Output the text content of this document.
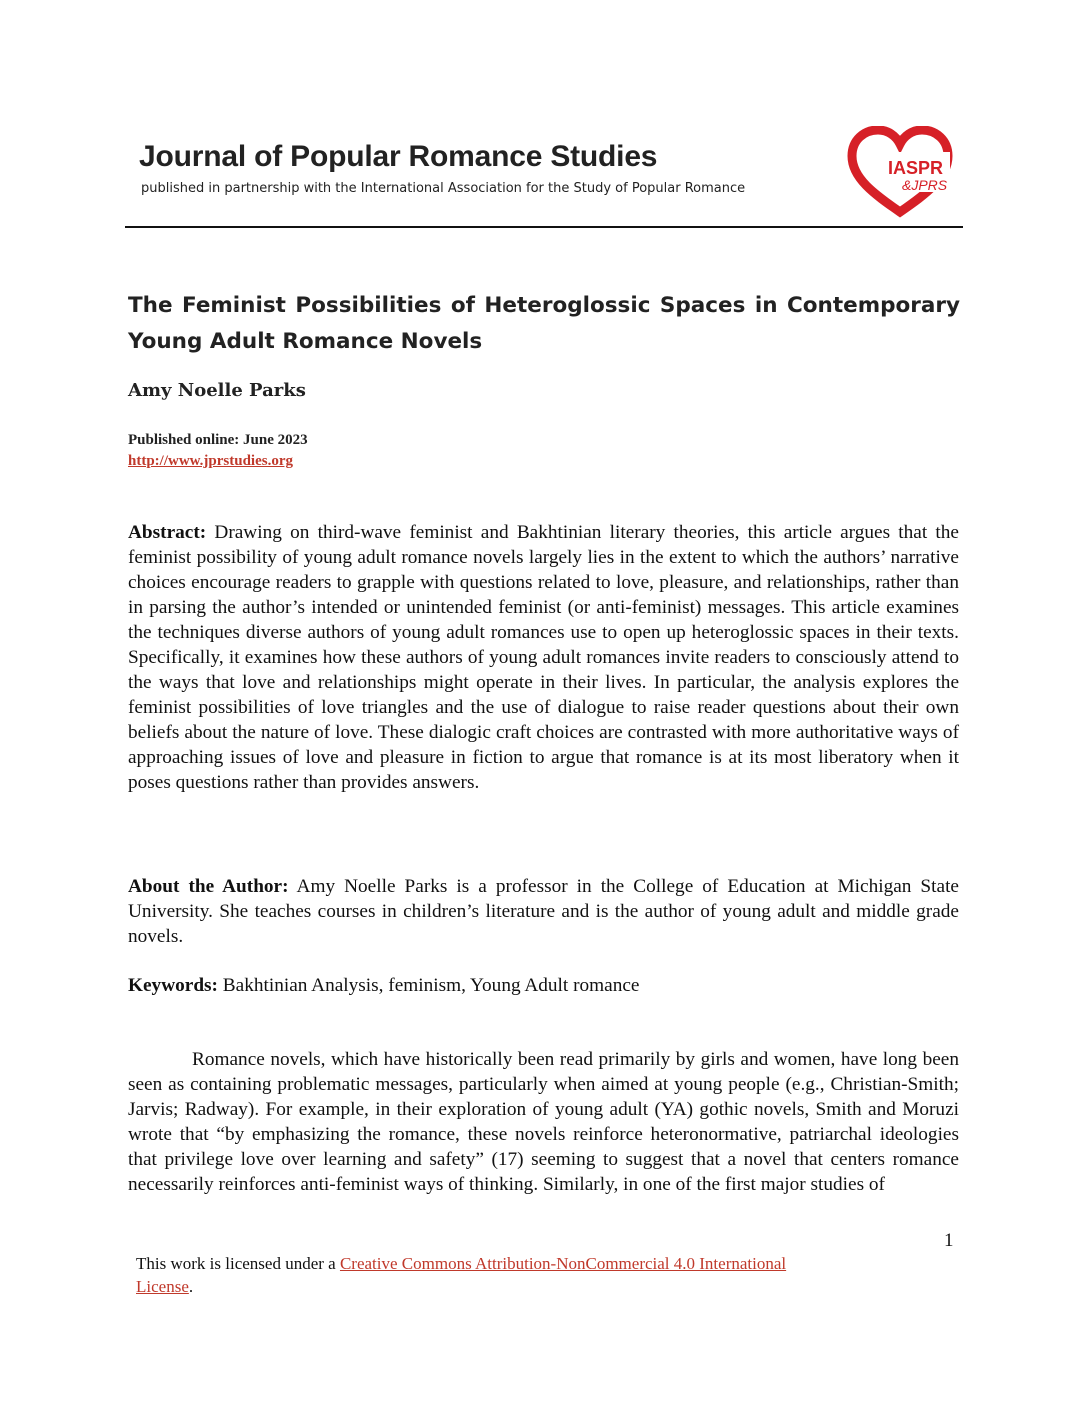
Journal of Popular Romance Studies
published in partnership with the International Association for the Study of Popular Romance
IASPR
&JPRS
The Feminist Possibilities of Heteroglossic Spaces in Contemporary Young Adult Romance Novels
Amy Noelle Parks
Published online: June 2023
http://www.jprstudies.org
Abstract: Drawing on third-wave feminist and Bakhtinian literary theories, this article argues that the feminist possibility of young adult romance novels largely lies in the extent to which the authors’ narrative choices encourage readers to grapple with questions related to love, pleasure, and relationships, rather than in parsing the author’s intended or unintended feminist (or anti-feminist) messages. This article examines the techniques diverse authors of young adult romances use to open up heteroglossic spaces in their texts. Specifically, it examines how these authors of young adult romances invite readers to consciously attend to the ways that love and relationships might operate in their lives. In particular, the analysis explores the feminist possibilities of love triangles and the use of dialogue to raise reader questions about their own beliefs about the nature of love. These dialogic craft choices are contrasted with more authoritative ways of approaching issues of love and pleasure in fiction to argue that romance is at its most liberatory when it poses questions rather than provides answers.
About the Author: Amy Noelle Parks is a professor in the College of Education at Michigan State University. She teaches courses in children’s literature and is the author of young adult and middle grade novels.
Keywords: Bakhtinian Analysis, feminism, Young Adult romance
Romance novels, which have historically been read primarily by girls and women, have long been seen as containing problematic messages, particularly when aimed at young people (e.g., Christian-Smith; Jarvis; Radway). For example, in their exploration of young adult (YA) gothic novels, Smith and Moruzi wrote that “by emphasizing the romance, these novels reinforce heteronormative, patriarchal ideologies that privilege love over learning and safety” (17) seeming to suggest that a novel that centers romance necessarily reinforces anti-feminist ways of thinking. Similarly, in one of the first major studies of
1
This work is licensed under a Creative Commons Attribution-NonCommercial 4.0 International License.
